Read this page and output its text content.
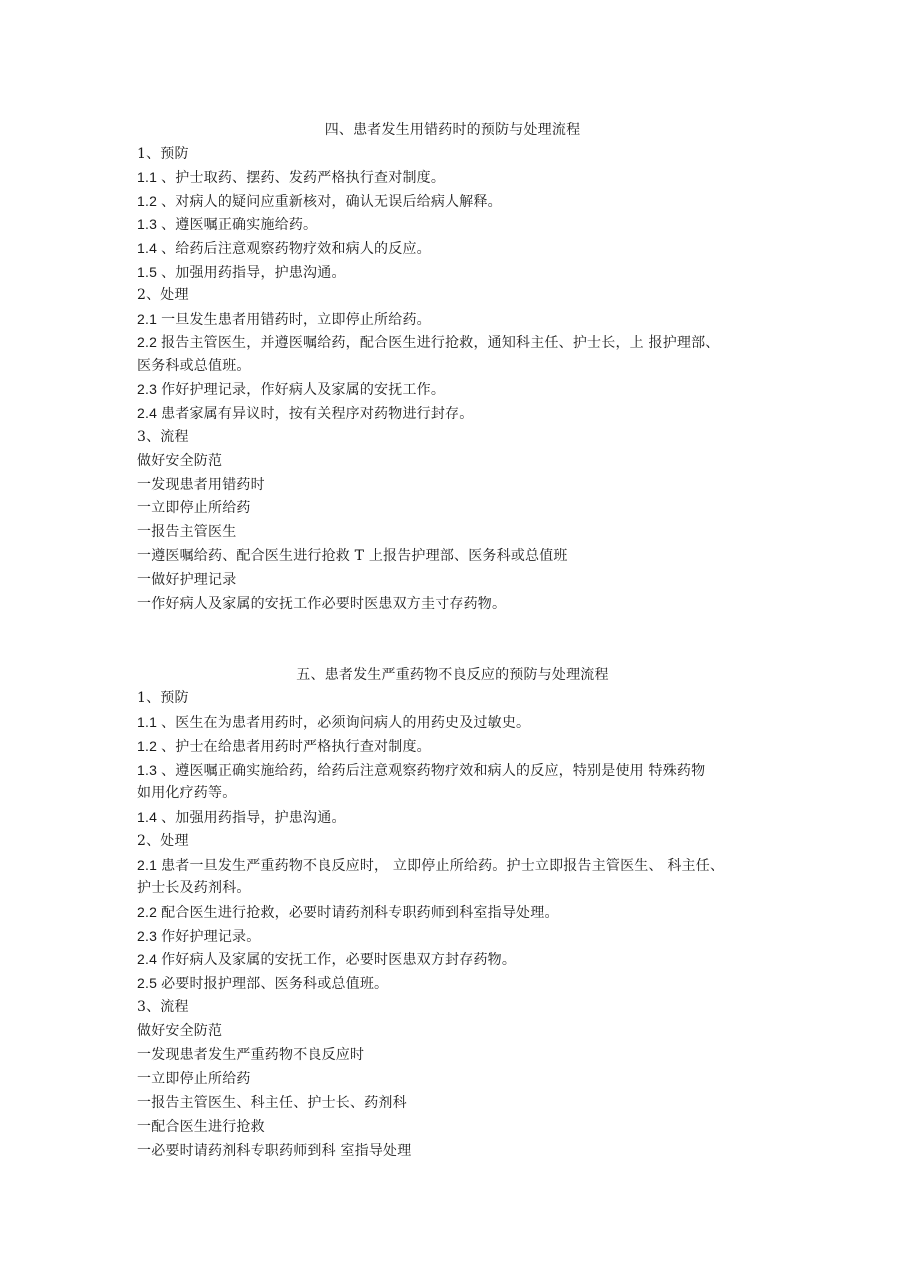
四、患者发生用错药时的预防与处理流程
1、预防
1.1 、护士取药、摆药、发药严格执行查对制度。
1.2 、对病人的疑问应重新核对，确认无误后给病人解释。
1.3 、遵医嘱正确实施给药。
1.4 、给药后注意观察药物疗效和病人的反应。
1.5 、加强用药指导，护患沟通。
2、处理
2.1 一旦发生患者用错药时，立即停止所给药。
2.2 报告主管医生，并遵医嘱给药，配合医生进行抢救，通知科主任、护士长，上 报护理部、
医务科或总值班。
2.3 作好护理记录，作好病人及家属的安抚工作。
2.4 患者家属有异议时，按有关程序对药物进行封存。
3、流程
做好安全防范
一发现患者用错药时
一立即停止所给药
一报告主管医生
一遵医嘱给药、配合医生进行抢救 T 上报告护理部、医务科或总值班
一做好护理记录
一作好病人及家属的安抚工作必要时医患双方圭寸存药物。
五、患者发生严重药物不良反应的预防与处理流程
1、预防
1.1 、医生在为患者用药时，必须询问病人的用药史及过敏史。
1.2 、护士在给患者用药时严格执行查对制度。
1.3 、遵医嘱正确实施给药，给药后注意观察药物疗效和病人的反应，特别是使用 特殊药物
如用化疗药等。
1.4 、加强用药指导，护患沟通。
2、处理
2.1 患者一旦发生严重药物不良反应时， 立即停止所给药。护士立即报告主管医生、 科主任、
护士长及药剂科。
2.2 配合医生进行抢救，必要时请药剂科专职药师到科室指导处理。
2.3 作好护理记录。
2.4 作好病人及家属的安抚工作，必要时医患双方封存药物。
2.5 必要时报护理部、医务科或总值班。
3、流程
做好安全防范
一发现患者发生严重药物不良反应时
一立即停止所给药
一报告主管医生、科主任、护士长、药剂科
一配合医生进行抢救
一必要时请药剂科专职药师到科 室指导处理
